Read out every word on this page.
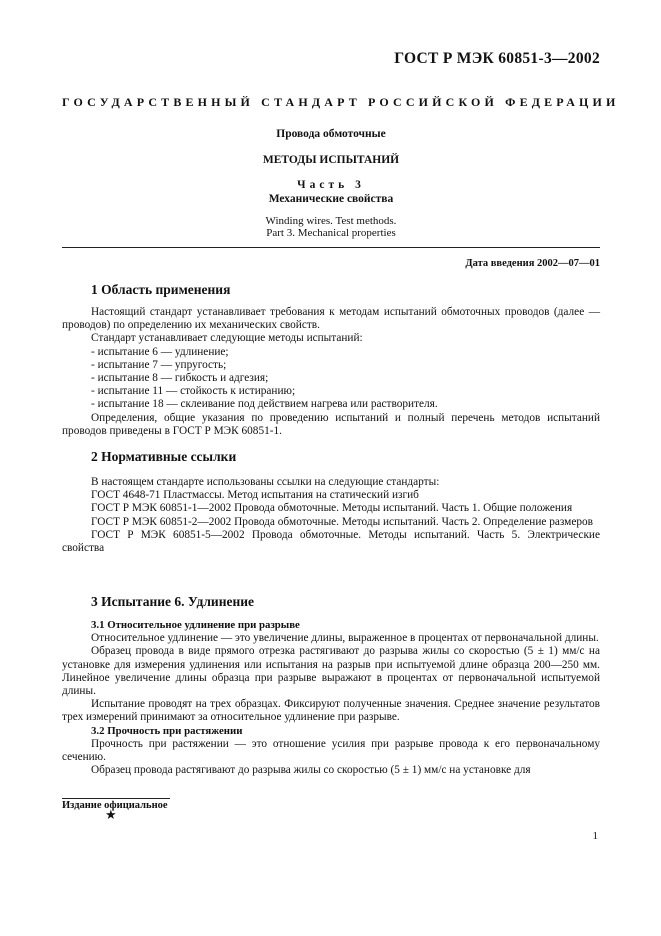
ГОСТ Р МЭК 60851-3—2002
ГОСУДАРСТВЕННЫЙ СТАНДАРТ РОССИЙСКОЙ ФЕДЕРАЦИИ
Провода обмоточные
МЕТОДЫ ИСПЫТАНИЙ
Часть 3
Механические свойства
Winding wires. Test methods.
Part 3. Mechanical properties
Дата введения 2002—07—01
1 Область применения

Настоящий стандарт устанавливает требования к методам испытаний обмоточных проводов (далее — проводов) по определению их механических свойств.

Стандарт устанавливает следующие методы испытаний:

- испытание 6 — удлинение;

- испытание 7 — упругость;

- испытание 8 — гибкость и адгезия;

- испытание 11 — стойкость к истиранию;

- испытание 18 — склеивание под действием нагрева или растворителя.

Определения, общие указания по проведению испытаний и полный перечень методов испытаний проводов приведены в ГОСТ Р МЭК 60851-1.

2 Нормативные ссылки

В настоящем стандарте использованы ссылки на следующие стандарты:

ГОСТ 4648-71 Пластмассы. Метод испытания на статический изгиб

ГОСТ Р МЭК 60851-1—2002 Провода обмоточные. Методы испытаний. Часть 1. Общие положения

ГОСТ Р МЭК 60851-2—2002 Провода обмоточные. Методы испытаний. Часть 2. Определение размеров

ГОСТ Р МЭК 60851-5—2002 Провода обмоточные. Методы испытаний. Часть 5. Электрические свойства

3 Испытание 6. Удлинение

3.1 Относительное удлинение при разрыве

Относительное удлинение — это увеличение длины, выраженное в процентах от первоначальной длины.

Образец провода в виде прямого отрезка растягивают до разрыва жилы со скоростью (5 ± 1) мм/с на установке для измерения удлинения или испытания на разрыв при испытуемой длине образца 200—250 мм. Линейное увеличение длины образца при разрыве выражают в процентах от первоначальной испытуемой длины.

Испытание проводят на трех образцах. Фиксируют полученные значения. Среднее значение результатов трех измерений принимают за относительное удлинение при разрыве.

3.2 Прочность при растяжении

Прочность при растяжении — это отношение усилия при разрыве провода к его первоначальному сечению.

Образец провода растягивают до разрыва жилы со скоростью (5 ± 1) мм/с на установке для

Издание официальное
★
1
